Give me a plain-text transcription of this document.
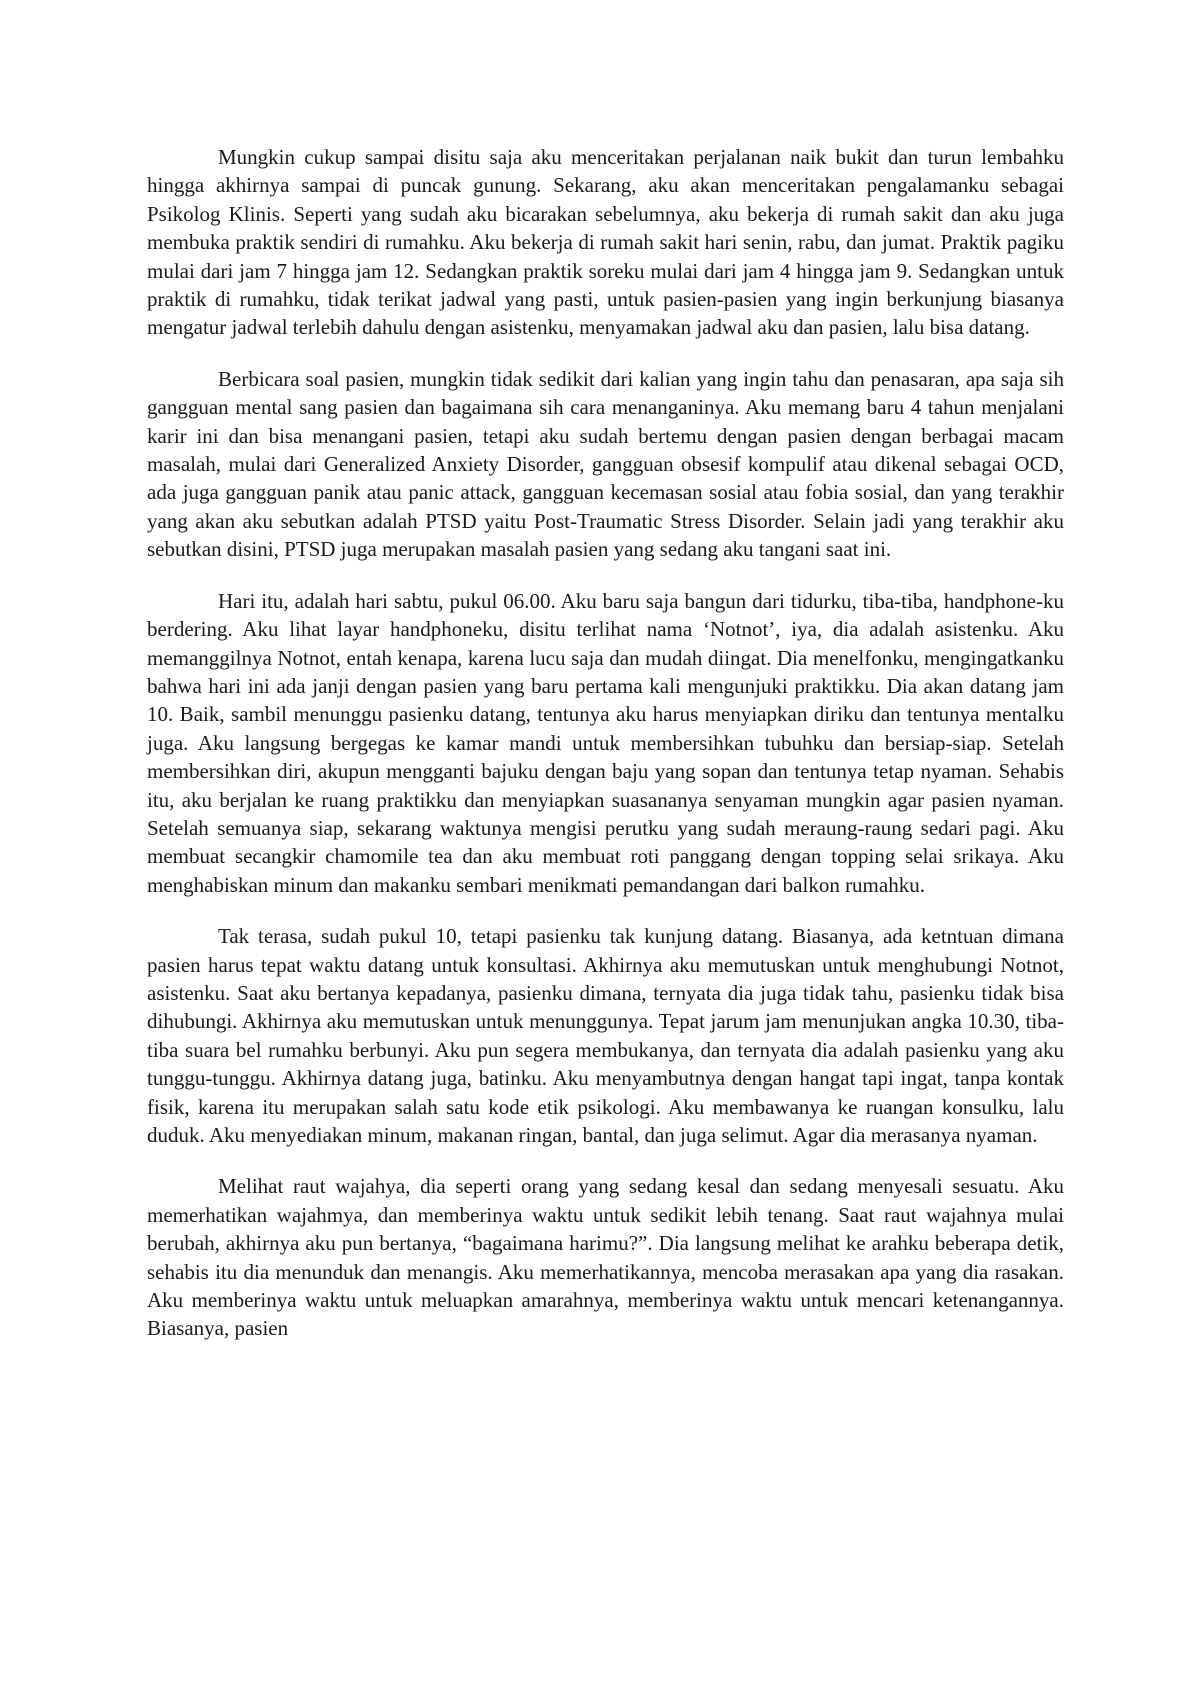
Mungkin cukup sampai disitu saja aku menceritakan perjalanan naik bukit dan turun lembahku hingga akhirnya sampai di puncak gunung. Sekarang, aku akan menceritakan pengalamanku sebagai Psikolog Klinis. Seperti yang sudah aku bicarakan sebelumnya, aku bekerja di rumah sakit dan aku juga membuka praktik sendiri di rumahku. Aku bekerja di rumah sakit hari senin, rabu, dan jumat. Praktik pagiku mulai dari jam 7 hingga jam 12. Sedangkan praktik soreku mulai dari jam 4 hingga jam 9. Sedangkan untuk praktik di rumahku, tidak terikat jadwal yang pasti, untuk pasien-pasien yang ingin berkunjung biasanya mengatur jadwal terlebih dahulu dengan asistenku, menyamakan jadwal aku dan pasien, lalu bisa datang.

Berbicara soal pasien, mungkin tidak sedikit dari kalian yang ingin tahu dan penasaran, apa saja sih gangguan mental sang pasien dan bagaimana sih cara menanganinya. Aku memang baru 4 tahun menjalani karir ini dan bisa menangani pasien, tetapi aku sudah bertemu dengan pasien dengan berbagai macam masalah, mulai dari Generalized Anxiety Disorder, gangguan obsesif kompulif atau dikenal sebagai OCD, ada juga gangguan panik atau panic attack, gangguan kecemasan sosial atau fobia sosial, dan yang terakhir yang akan aku sebutkan adalah PTSD yaitu Post-Traumatic Stress Disorder. Selain jadi yang terakhir aku sebutkan disini, PTSD juga merupakan masalah pasien yang sedang aku tangani saat ini.

Hari itu, adalah hari sabtu, pukul 06.00. Aku baru saja bangun dari tidurku, tiba-tiba, handphone-ku berdering. Aku lihat layar handphoneku, disitu terlihat nama ‘Notnot’, iya, dia adalah asistenku. Aku memanggilnya Notnot, entah kenapa, karena lucu saja dan mudah diingat. Dia menelfonku, mengingatkanku bahwa hari ini ada janji dengan pasien yang baru pertama kali mengunjuki praktikku. Dia akan datang jam 10. Baik, sambil menunggu pasienku datang, tentunya aku harus menyiapkan diriku dan tentunya mentalku juga. Aku langsung bergegas ke kamar mandi untuk membersihkan tubuhku dan bersiap-siap. Setelah membersihkan diri, akupun mengganti bajuku dengan baju yang sopan dan tentunya tetap nyaman. Sehabis itu, aku berjalan ke ruang praktikku dan menyiapkan suasananya senyaman mungkin agar pasien nyaman. Setelah semuanya siap, sekarang waktunya mengisi perutku yang sudah meraung-raung sedari pagi. Aku membuat secangkir chamomile tea dan aku membuat roti panggang dengan topping selai srikaya. Aku menghabiskan minum dan makanku sembari menikmati pemandangan dari balkon rumahku.

Tak terasa, sudah pukul 10, tetapi pasienku tak kunjung datang. Biasanya, ada ketntuan dimana pasien harus tepat waktu datang untuk konsultasi. Akhirnya aku memutuskan untuk menghubungi Notnot, asistenku. Saat aku bertanya kepadanya, pasienku dimana, ternyata dia juga tidak tahu, pasienku tidak bisa dihubungi. Akhirnya aku memutuskan untuk menunggunya. Tepat jarum jam menunjukan angka 10.30, tiba-tiba suara bel rumahku berbunyi. Aku pun segera membukanya, dan ternyata dia adalah pasienku yang aku tunggu-tunggu. Akhirnya datang juga, batinku. Aku menyambutnya dengan hangat tapi ingat, tanpa kontak fisik, karena itu merupakan salah satu kode etik psikologi. Aku membawanya ke ruangan konsulku, lalu duduk. Aku menyediakan minum, makanan ringan, bantal, dan juga selimut. Agar dia merasanya nyaman.

Melihat raut wajahya, dia seperti orang yang sedang kesal dan sedang menyesali sesuatu. Aku memerhatikan wajahmya, dan memberinya waktu untuk sedikit lebih tenang. Saat raut wajahnya mulai berubah, akhirnya aku pun bertanya, “bagaimana harimu?”. Dia langsung melihat ke arahku beberapa detik, sehabis itu dia menunduk dan menangis. Aku memerhatikannya, mencoba merasakan apa yang dia rasakan. Aku memberinya waktu untuk meluapkan amarahnya, memberinya waktu untuk mencari ketenangannya. Biasanya, pasien
